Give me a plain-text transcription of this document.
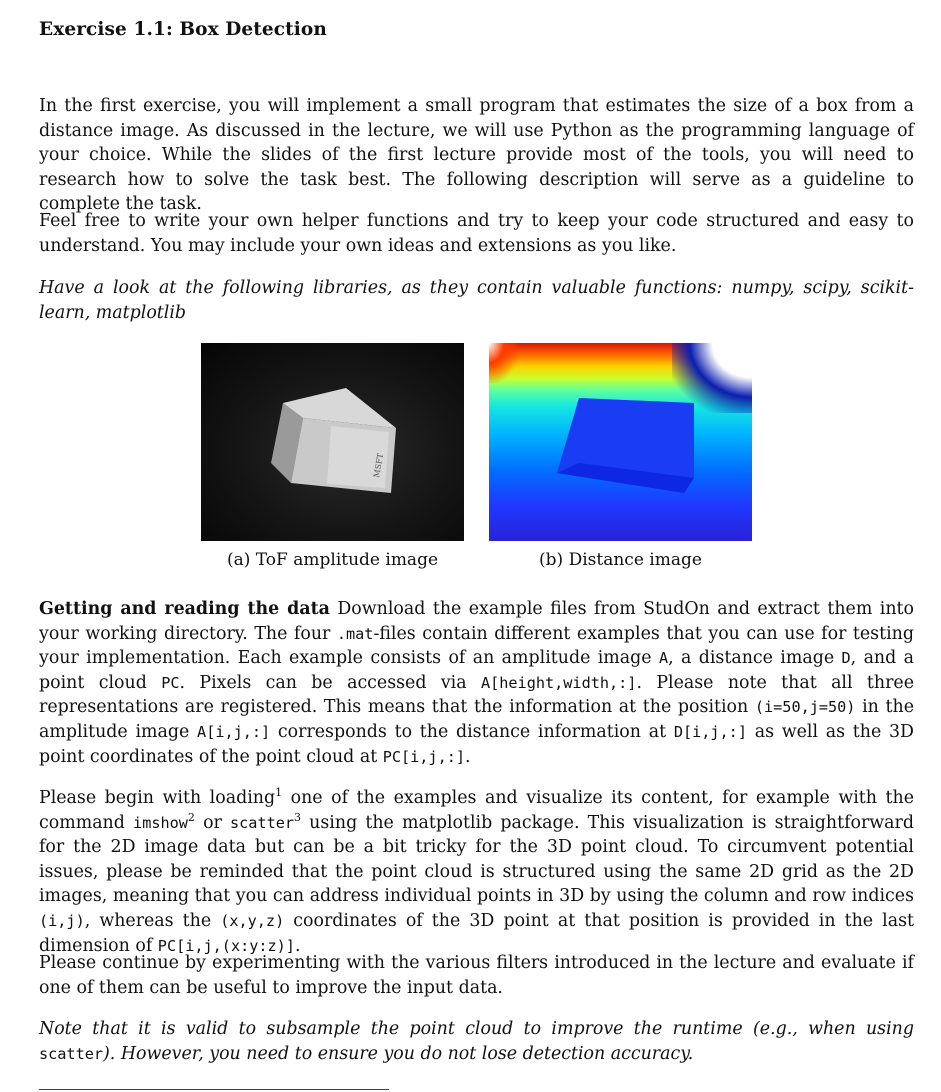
Exercise 1.1: Box Detection

In the first exercise, you will implement a small program that estimates the size of a box from a distance image. As discussed in the lecture, we will use Python as the programming language of your choice. While the slides of the first lecture provide most of the tools, you will need to research how to solve the task best. The following description will serve as a guideline to complete the task.

Feel free to write your own helper functions and try to keep your code structured and easy to understand. You may include your own ideas and extensions as you like.

Have a look at the following libraries, as they contain valuable functions: numpy, scipy, scikit-learn, matplotlib

MSFT
(a) ToF amplitude image	(b) Distance image

Getting and reading the data Download the example files from StudOn and extract them into your working directory. The four .mat-files contain different examples that you can use for testing your implementation. Each example consists of an amplitude image A, a distance image D, and a point cloud PC. Pixels can be accessed via A[height,width,:]. Please note that all three representations are registered. This means that the information at the position (i=50,j=50) in the amplitude image A[i,j,:] corresponds to the distance information at D[i,j,:] as well as the 3D point coordinates of the point cloud at PC[i,j,:].

Please begin with loading$^1$ one of the examples and visualize its content, for example with the command imshow$^2$ or scatter$^3$ using the matplotlib package. This visualization is straightforward for the 2D image data but can be a bit tricky for the 3D point cloud. To circumvent potential issues, please be reminded that the point cloud is structured using the same 2D grid as the 2D images, meaning that you can address individual points in 3D by using the column and row indices (i,j), whereas the (x,y,z) coordinates of the 3D point at that position is provided in the last dimension of PC[i,j,(x:y:z)].

Please continue by experimenting with the various filters introduced in the lecture and evaluate if one of them can be useful to improve the input data.

Note that it is valid to subsample the point cloud to improve the runtime (e.g., when using scatter). However, you need to ensure you do not lose detection accuracy.
